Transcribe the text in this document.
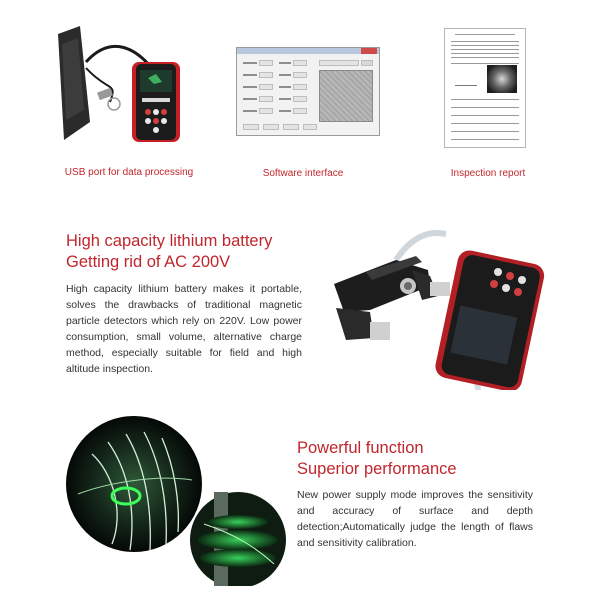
USB port for data processing	Software interface	Inspection report
High capacity lithium battery
Getting rid of AC 200V
High capacity lithium battery makes it portable, solves the drawbacks of traditional magnetic particle detectors which rely on 220V. Low power consumption, small volume, alternative charge method, especially suitable for field and high altitude inspection.
Powerful function
Superior performance
New power supply mode improves the sensitivity and accuracy of surface and depth detection;Automatically judge the length of flaws and sensitivity calibration.
